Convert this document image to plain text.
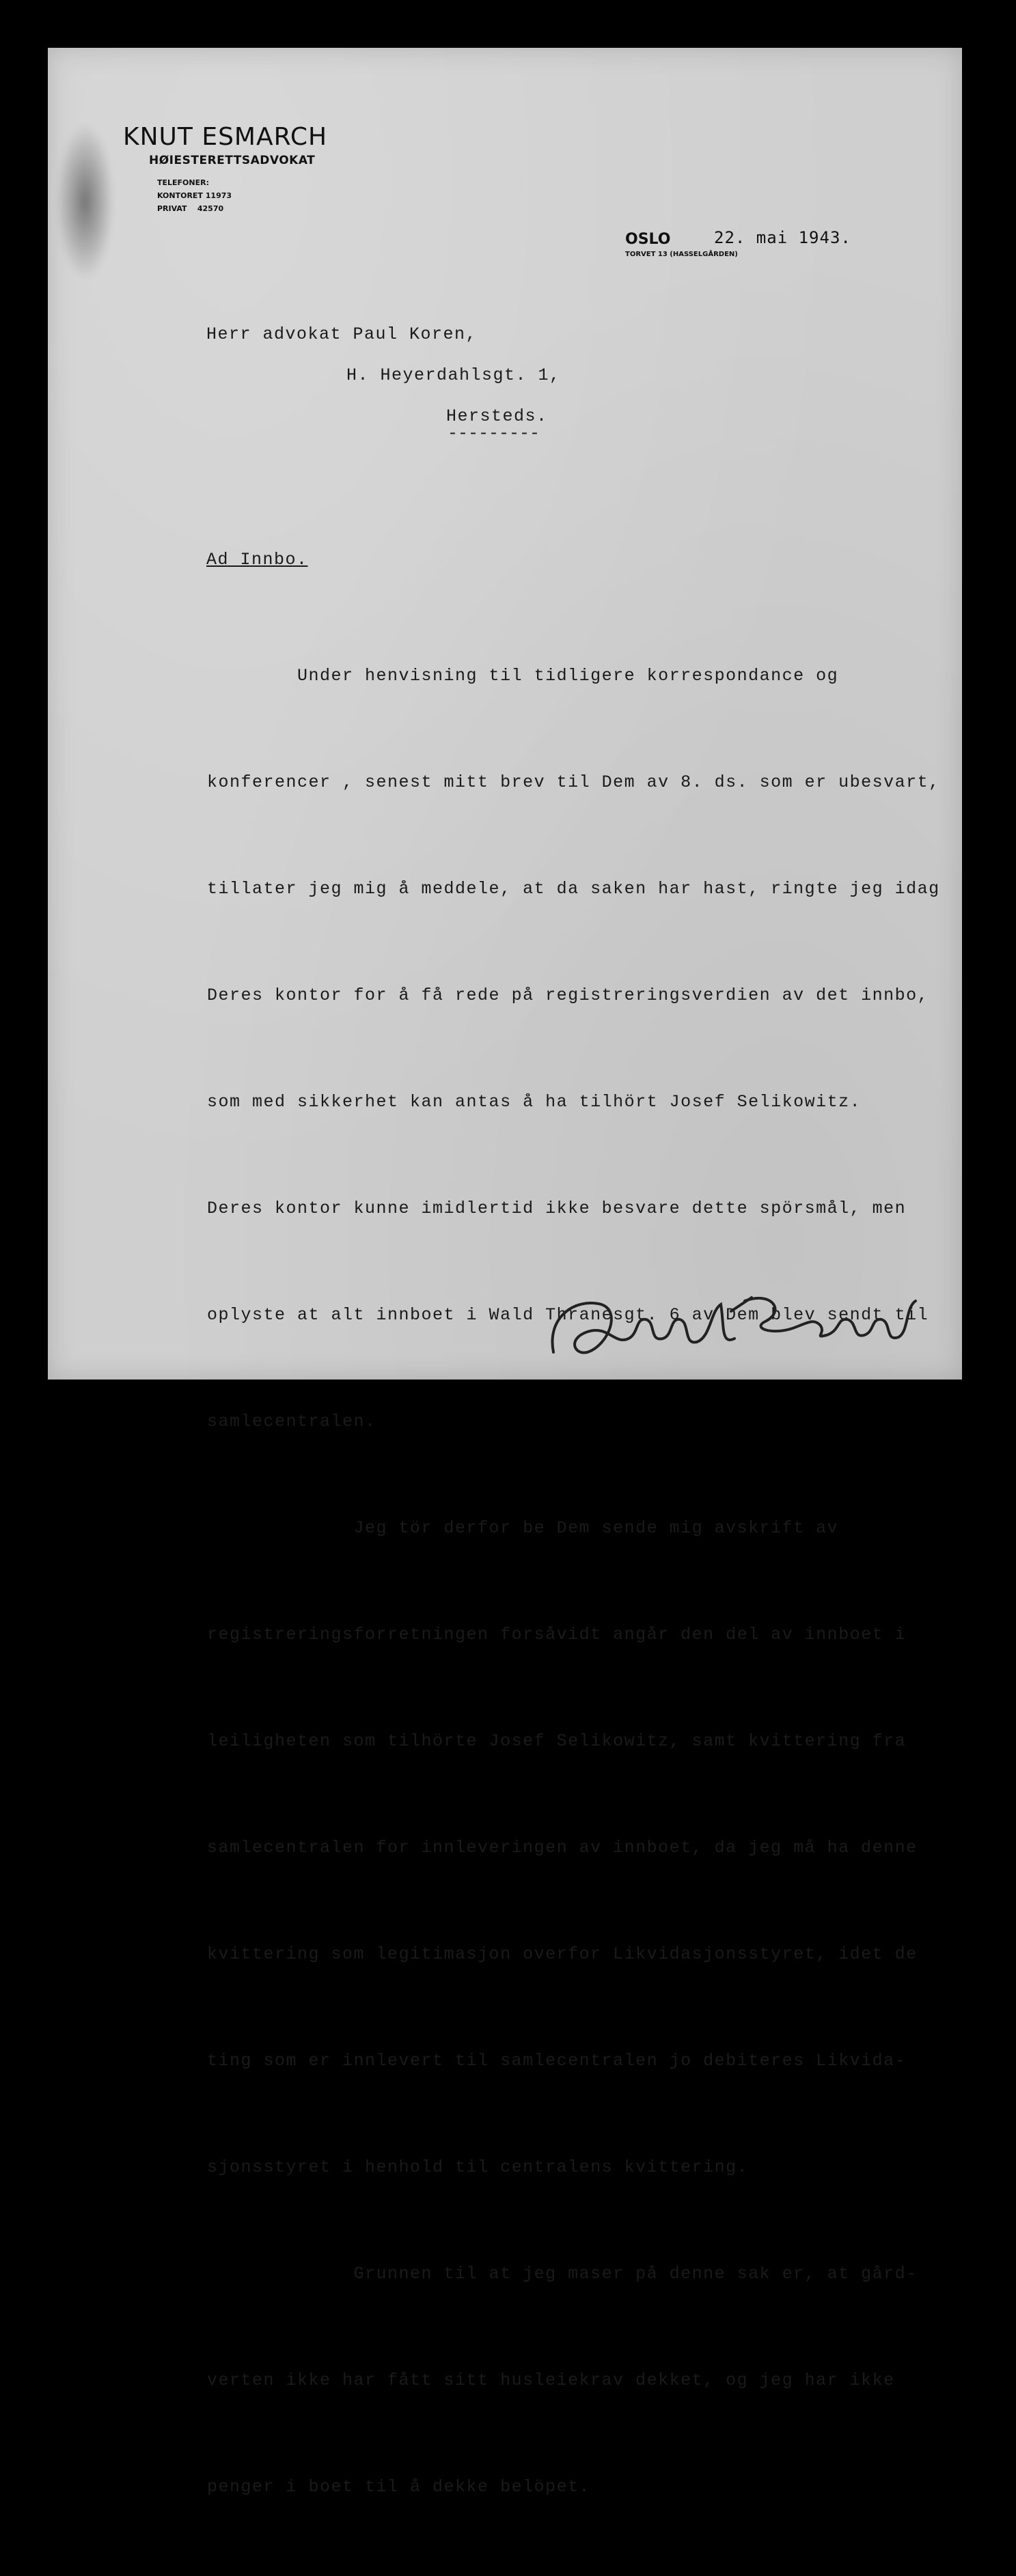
KNUT ESMARCH
HØIESTERETTSADVOKAT
TELEFONER:
KONTORET 11973
PRIVAT    42570
OSLO	22. mai 1943.
TORVET 13 (HASSELGÅRDEN)
Herr advokat Paul Koren,
H. Heyerdahlsgt. 1,
Hersteds.
---------
Ad Innbo.

Under henvisning til tidligere korrespondance og

konferencer , senest mitt brev til Dem av 8. ds. som er ubesvart,

tillater jeg mig å meddele, at da saken har hast, ringte jeg idag

Deres kontor for å få rede på registreringsverdien av det innbo,

som med sikkerhet kan antas å ha tilhört Josef Selikowitz.

Deres kontor kunne imidlertid ikke besvare dette spörsmål, men

oplyste at alt innboet i Wald Thranesgt. 6 av Dem blev sendt til

samlecentralen.

Jeg tör derfor be Dem sende mig avskrift av

registreringsforretningen forsåvidt angår den del av innboet i

leiligheten som tilhörte Josef Selikowitz, samt kvittering fra

samlecentralen for innleveringen av innboet, da jeg må ha denne

kvittering som legitimasjon overfor Likvidasjonsstyret, idet de

ting som er innlevert til samlecentralen jo debiteres Likvida-

sjonsstyret i henhold til centralens kvittering.

Grunnen til at jeg maser på denne sak er, at gård-

verten ikke har fått sitt husleiekrav dekket, og jeg har ikke

penger i boet til å dekke belöpet.
